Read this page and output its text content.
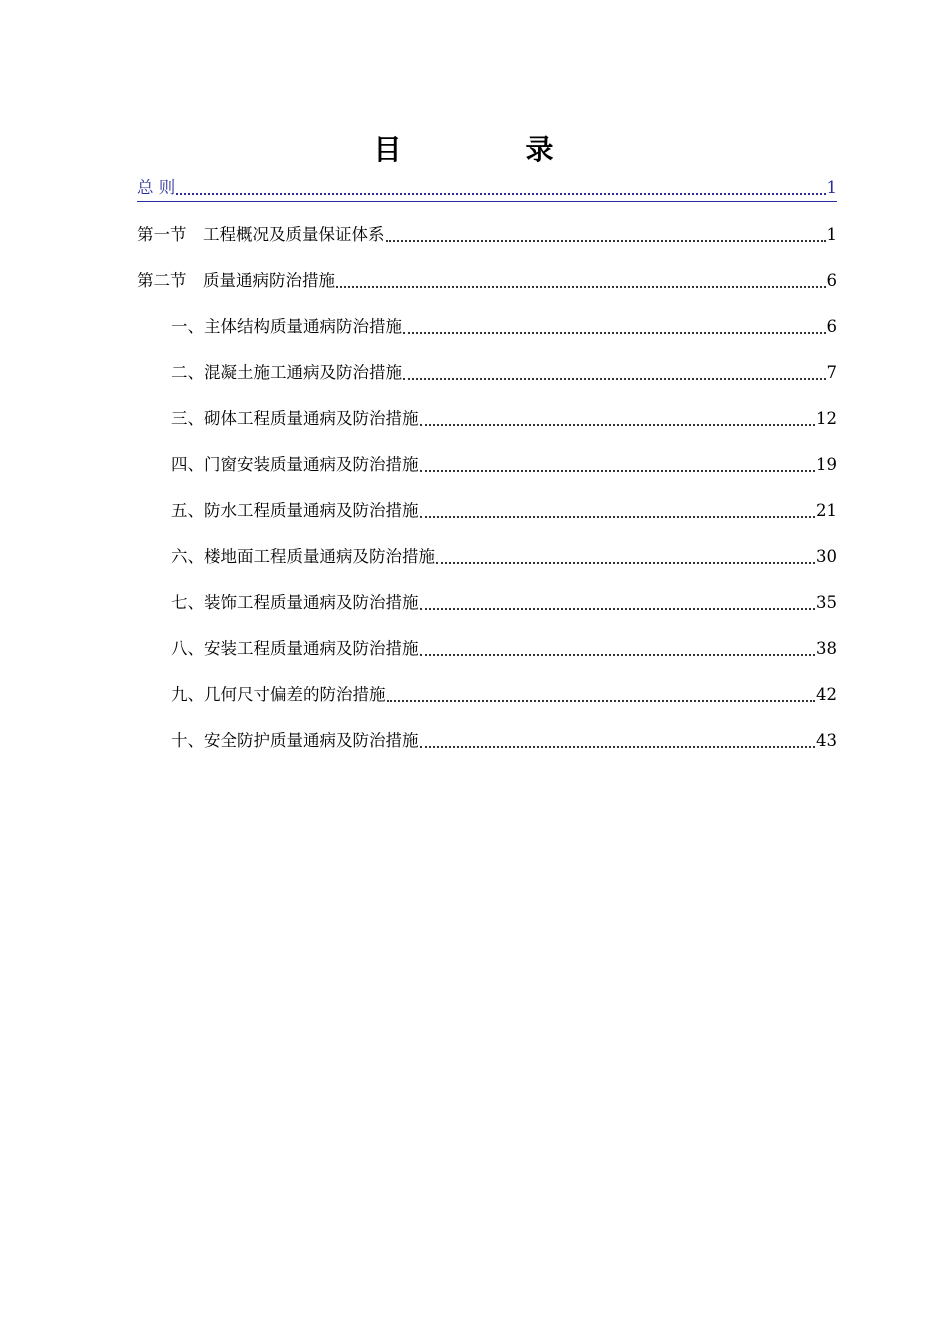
目　录
总 则	1
第一节　工程概况及质量保证体系	1
第二节　质量通病防治措施	6
一、主体结构质量通病防治措施	6
二、混凝土施工通病及防治措施	7
三、砌体工程质量通病及防治措施	12
四、门窗安装质量通病及防治措施	19
五、防水工程质量通病及防治措施	21
六、楼地面工程质量通病及防治措施	30
七、装饰工程质量通病及防治措施	35
八、安装工程质量通病及防治措施	38
九、几何尺寸偏差的防治措施	42
十、安全防护质量通病及防治措施	43
